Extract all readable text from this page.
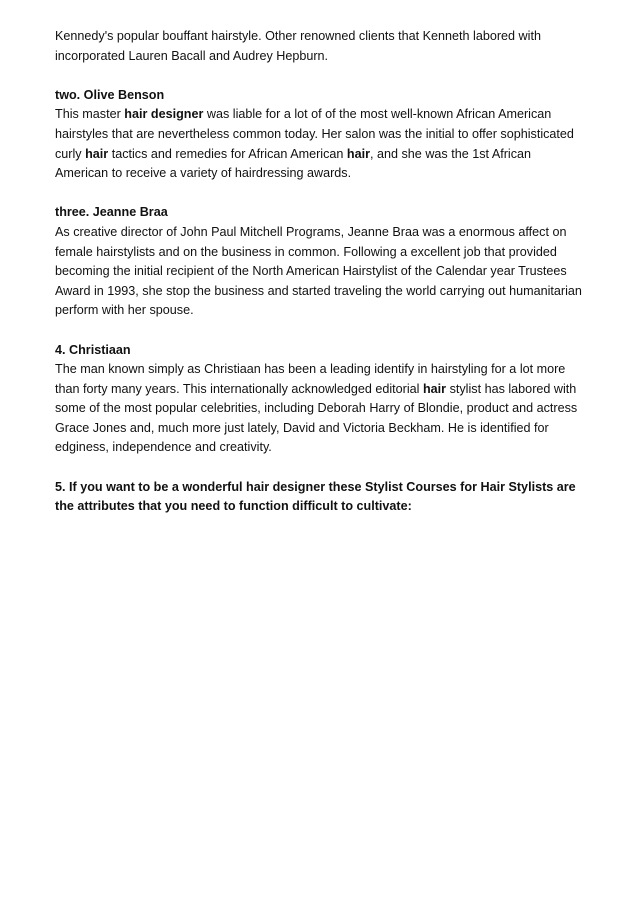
Kennedy's popular bouffant hairstyle. Other renowned clients that Kenneth labored with incorporated Lauren Bacall and Audrey Hepburn.

two. Olive Benson
This master hair designer was liable for a lot of of the most well-known African American hairstyles that are nevertheless common today. Her salon was the initial to offer sophisticated curly hair tactics and remedies for African American hair, and she was the 1st African American to receive a variety of hairdressing awards.
three. Jeanne Braa
As creative director of John Paul Mitchell Programs, Jeanne Braa was a enormous affect on female hairstylists and on the business in common. Following a excellent job that provided becoming the initial recipient of the North American Hairstylist of the Calendar year Trustees Award in 1993, she stop the business and started traveling the world carrying out humanitarian perform with her spouse.
4. Christiaan
The man known simply as Christiaan has been a leading identify in hairstyling for a lot more than forty many years. This internationally acknowledged editorial hair stylist has labored with some of the most popular celebrities, including Deborah Harry of Blondie, product and actress Grace Jones and, much more just lately, David and Victoria Beckham. He is identified for edginess, independence and creativity.
5. If you want to be a wonderful hair designer these Stylist Courses for Hair Stylists are the attributes that you need to function difficult to cultivate:
